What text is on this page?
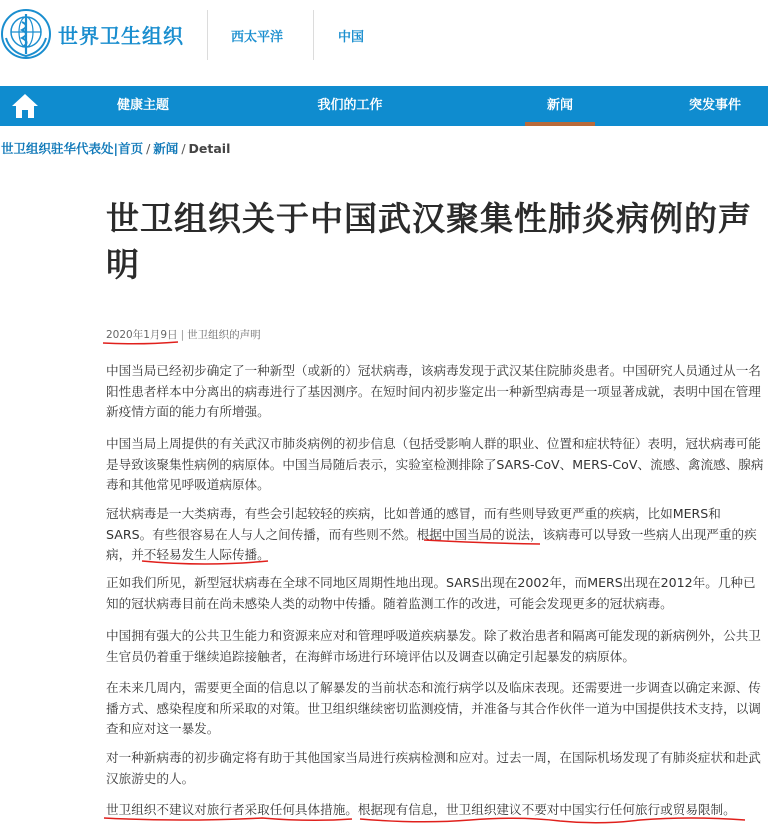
世界卫生组织	西太平洋	中国
健康主题	我们的工作	新闻	突发事件
世卫组织驻华代表处|首页 / 新闻 / Detail
世卫组织关于中国武汉聚集性肺炎病例的声明
2020年1月9日 | 世卫组织的声明

中国当局已经初步确定了一种新型（或新的）冠状病毒，该病毒发现于武汉某住院肺炎患者。中国研究人员通过从一名阳性患者样本中分离出的病毒进行了基因测序。在短时间内初步鉴定出一种新型病毒是一项显著成就，表明中国在管理新疫情方面的能力有所增强。

中国当局上周提供的有关武汉市肺炎病例的初步信息（包括受影响人群的职业、位置和症状特征）表明，冠状病毒可能是导致该聚集性病例的病原体。中国当局随后表示，实验室检测排除了SARS-CoV、MERS-CoV、流感、禽流感、腺病毒和其他常见呼吸道病原体。

冠状病毒是一大类病毒，有些会引起较轻的疾病，比如普通的感冒，而有些则导致更严重的疾病，比如MERS和SARS。有些很容易在人与人之间传播，而有些则不然。根据中国当局的说法，该病毒可以导致一些病人出现严重的疾病，并不轻易发生人际传播。

正如我们所见，新型冠状病毒在全球不同地区周期性地出现。SARS出现在2002年，而MERS出现在2012年。几种已知的冠状病毒目前在尚未感染人类的动物中传播。随着监测工作的改进，可能会发现更多的冠状病毒。

中国拥有强大的公共卫生能力和资源来应对和管理呼吸道疾病暴发。除了救治患者和隔离可能发现的新病例外，公共卫生官员仍着重于继续追踪接触者，在海鲜市场进行环境评估以及调查以确定引起暴发的病原体。

在未来几周内，需要更全面的信息以了解暴发的当前状态和流行病学以及临床表现。还需要进一步调查以确定来源、传播方式、感染程度和所采取的对策。世卫组织继续密切监测疫情，并准备与其合作伙伴一道为中国提供技术支持，以调查和应对这一暴发。

对一种新病毒的初步确定将有助于其他国家当局进行疾病检测和应对。过去一周，在国际机场发现了有肺炎症状和赴武汉旅游史的人。

世卫组织不建议对旅行者采取任何具体措施。根据现有信息，世卫组织建议不要对中国实行任何旅行或贸易限制。
